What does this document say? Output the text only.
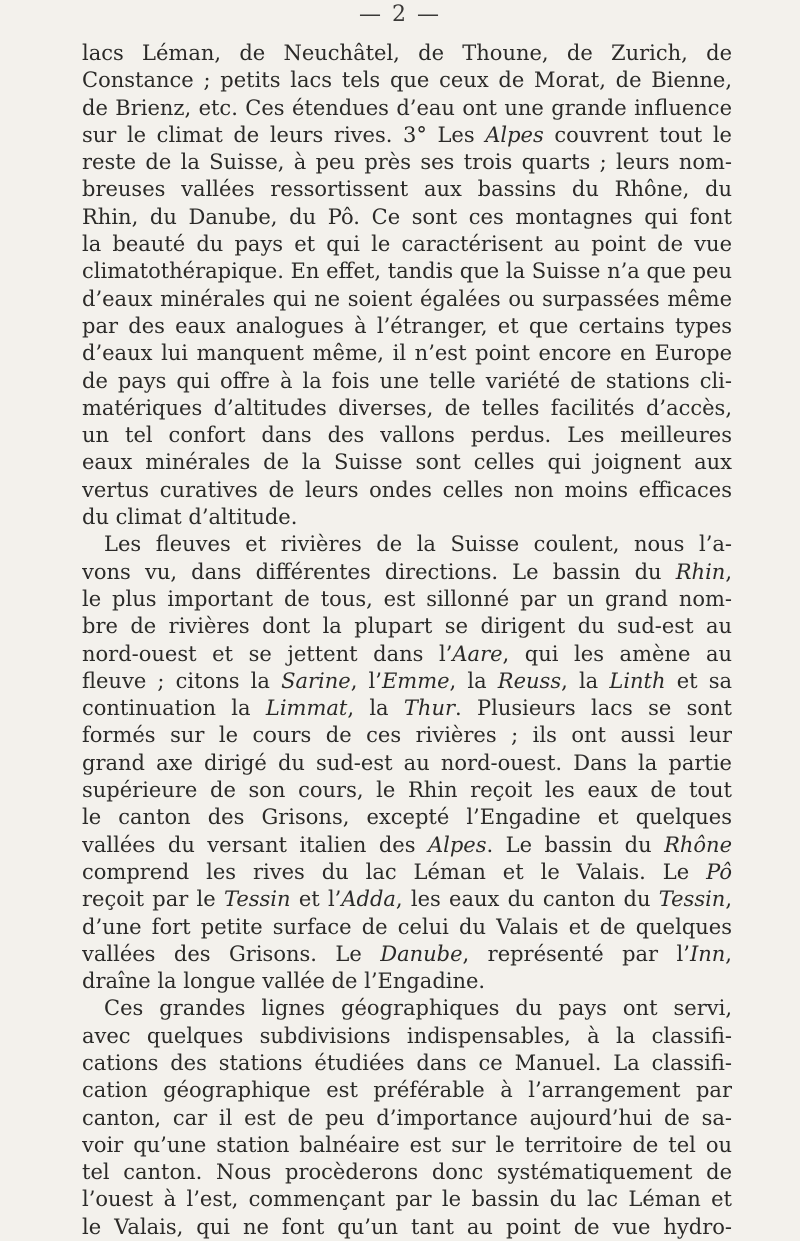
— 2 —
lacs Léman, de Neuchâtel, de Thoune, de Zurich, de
Constance ; petits lacs tels que ceux de Morat, de Bienne,
de Brienz, etc. Ces étendues d’eau ont une grande influence
sur le climat de leurs rives. 3° Les Alpes couvrent tout le
reste de la Suisse, à peu près ses trois quarts ; leurs nom-
breuses vallées ressortissent aux bassins du Rhône, du
Rhin, du Danube, du Pô. Ce sont ces montagnes qui font
la beauté du pays et qui le caractérisent au point de vue
climatothérapique. En effet, tandis que la Suisse n’a que peu
d’eaux minérales qui ne soient égalées ou surpassées même
par des eaux analogues à l’étranger, et que certains types
d’eaux lui manquent même, il n’est point encore en Europe
de pays qui offre à la fois une telle variété de stations cli-
matériques d’altitudes diverses, de telles facilités d’accès,
un tel confort dans des vallons perdus. Les meilleures
eaux minérales de la Suisse sont celles qui joignent aux
vertus curatives de leurs ondes celles non moins efficaces
du climat d’altitude.
Les fleuves et rivières de la Suisse coulent, nous l’a-
vons vu, dans différentes directions. Le bassin du Rhin,
le plus important de tous, est sillonné par un grand nom-
bre de rivières dont la plupart se dirigent du sud-est au
nord-ouest et se jettent dans l’Aare, qui les amène au
fleuve ; citons la Sarine, l’Emme, la Reuss, la Linth et sa
continuation la Limmat, la Thur. Plusieurs lacs se sont
formés sur le cours de ces rivières ; ils ont aussi leur
grand axe dirigé du sud-est au nord-ouest. Dans la partie
supérieure de son cours, le Rhin reçoit les eaux de tout
le canton des Grisons, excepté l’Engadine et quelques
vallées du versant italien des Alpes. Le bassin du Rhône
comprend les rives du lac Léman et le Valais. Le Pô
reçoit par le Tessin et l’Adda, les eaux du canton du Tessin,
d’une fort petite surface de celui du Valais et de quelques
vallées des Grisons. Le Danube, représenté par l’Inn,
draîne la longue vallée de l’Engadine.
Ces grandes lignes géographiques du pays ont servi,
avec quelques subdivisions indispensables, à la classifi-
cations des stations étudiées dans ce Manuel. La classifi-
cation géographique est préférable à l’arrangement par
canton, car il est de peu d’importance aujourd’hui de sa-
voir qu’une station balnéaire est sur le territoire de tel ou
tel canton. Nous procèderons donc systématiquement de
l’ouest à l’est, commençant par le bassin du lac Léman et
le Valais, qui ne font qu’un tant au point de vue hydro-
